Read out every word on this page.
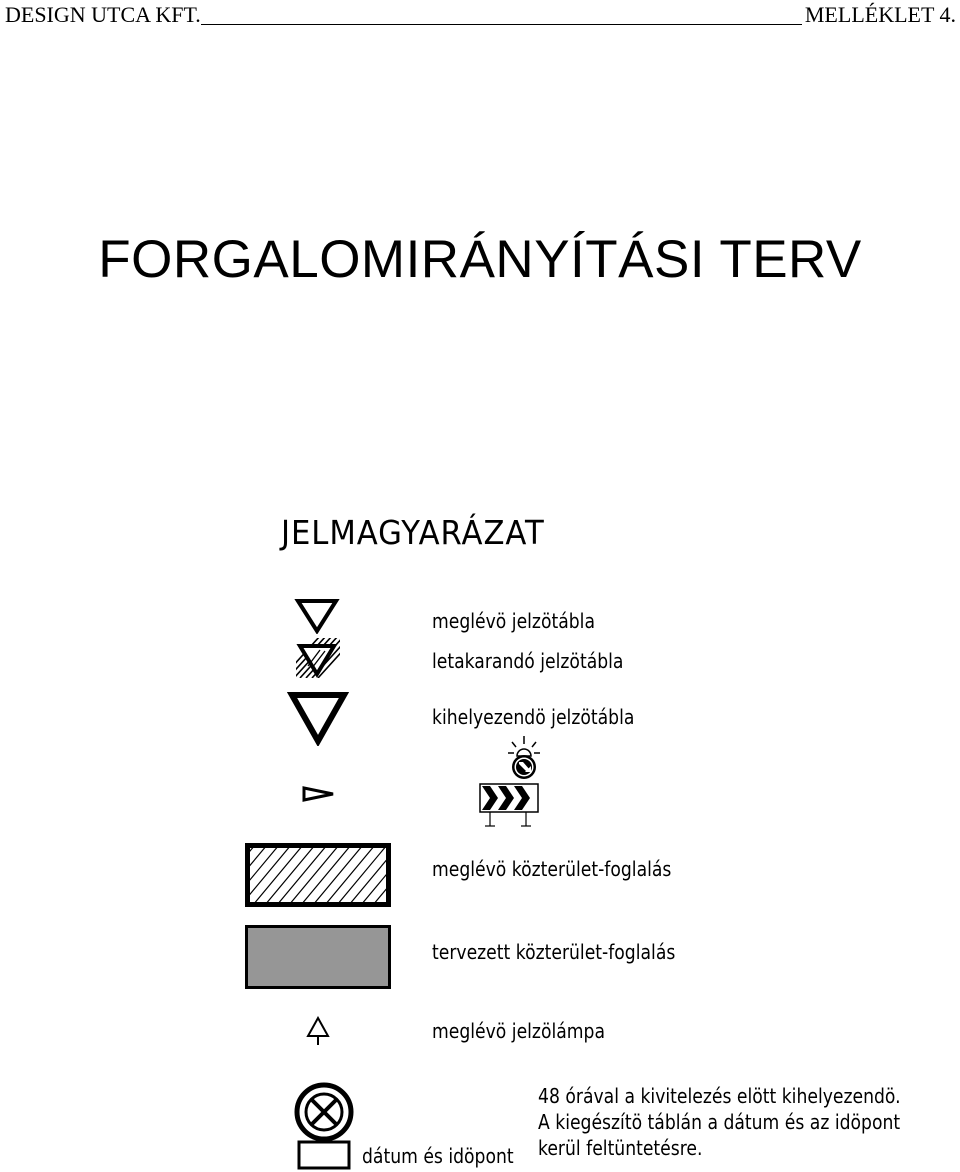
DESIGN UTCA KFT.	MELLÉKLET 4.
FORGALOMIRÁNYÍTÁSI TERV
JELMAGYARÁZAT
meglévö jelzötábla
letakarandó jelzötábla
kihelyezendö jelzötábla
meglévö közterület-foglalás
tervezett közterület-foglalás
meglévö jelzölámpa
dátum és idöpont
48 órával a kivitelezés elött kihelyezendö.
A kiegészítö táblán a dátum és az idöpont
kerül feltüntetésre.
